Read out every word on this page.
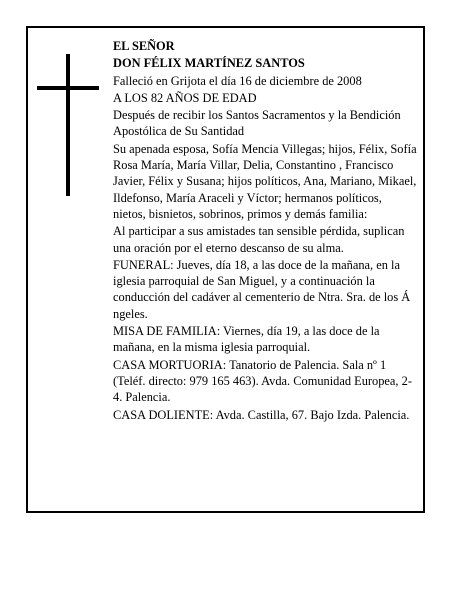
EL SEÑOR

DON FÉLIX MARTÍNEZ SANTOS

Falleció en Grijota el día 16 de diciembre de 2008

A LOS 82 AÑOS DE EDAD

Después de recibir los Santos Sacramentos y la Bendición Apostólica de Su Santidad

Su apenada esposa, Sofía Mencia Villegas; hijos, Félix, Sofía Rosa María, María Villar, Delia, Constantino , Francisco Javier, Félix y Susana; hijos políticos, Ana, Mariano, Mikael, Ildefonso, María Araceli y Víctor; hermanos políticos, nietos, bisnietos, sobrinos, primos y demás familia:

Al participar a sus amistades tan sensible pérdida, suplican una oración por el eterno descanso de su alma.

FUNERAL: Jueves, día 18, a las doce de la mañana, en la iglesia parroquial de San Miguel, y a continuación la conducción del cadáver al cementerio de Ntra. Sra. de los Á ngeles.

MISA DE FAMILIA: Viernes, día 19, a las doce de la mañana, en la misma iglesia parroquial.

CASA MORTUORIA: Tanatorio de Palencia. Sala nº 1 (Teléf. directo: 979 165 463). Avda. Comunidad Europea, 2-4. Palencia.

CASA DOLIENTE: Avda. Castilla, 67. Bajo Izda. Palencia.
